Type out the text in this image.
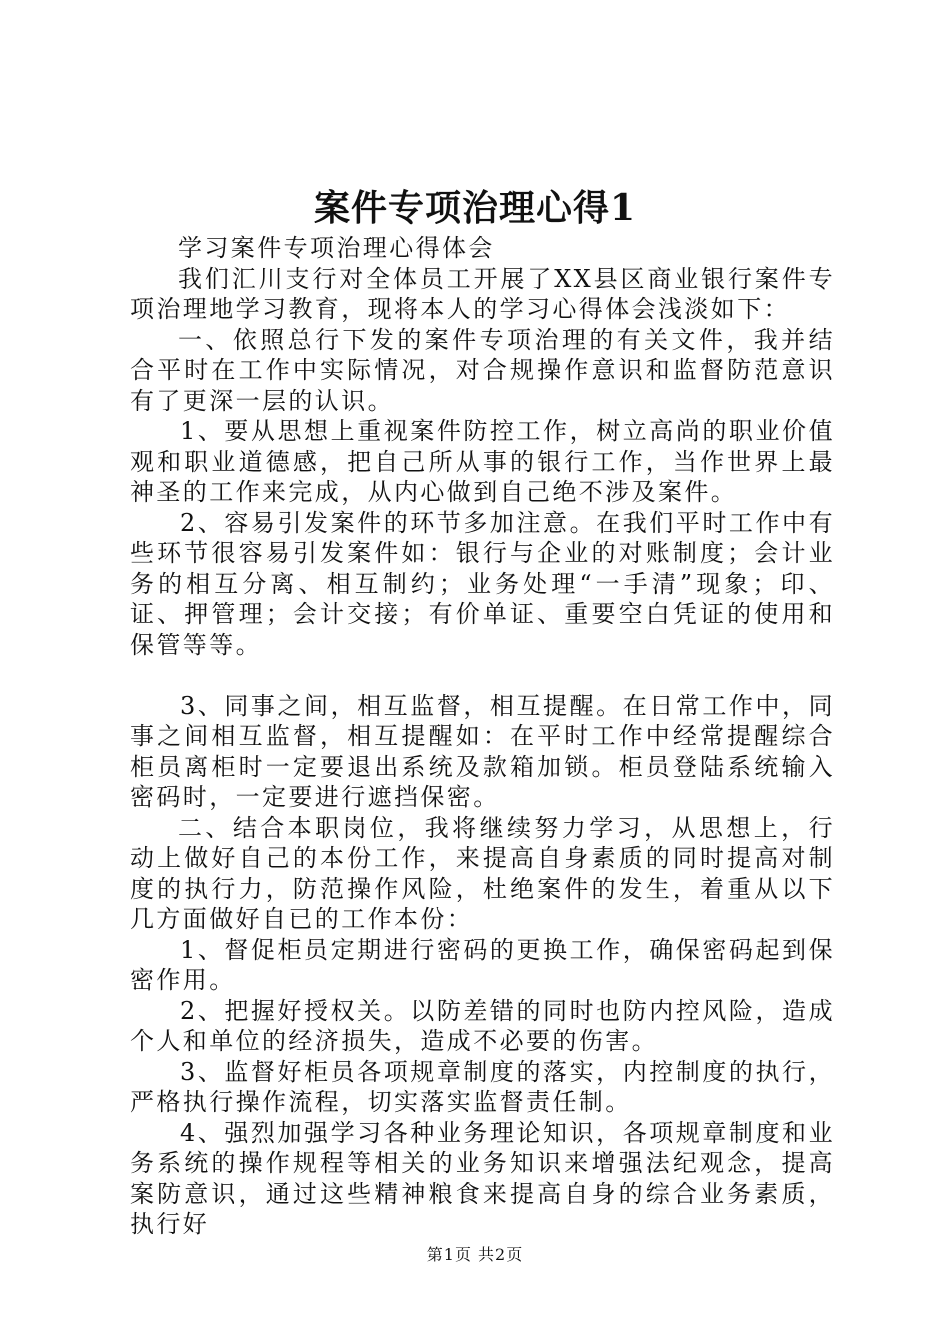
案件专项治理心得1

学习案件专项治理心得体会

我们汇川支行对全体员工开展了XX县区商业银行案件专项治理地学习教育，现将本人的学习心得体会浅淡如下：

一、依照总行下发的案件专项治理的有关文件，我并结合平时在工作中实际情况，对合规操作意识和监督防范意识有了更深一层的认识。

1、要从思想上重视案件防控工作，树立高尚的职业价值观和职业道德感，把自己所从事的银行工作，当作世界上最神圣的工作来完成，从内心做到自己绝不涉及案件。

2、容易引发案件的环节多加注意。在我们平时工作中有些环节很容易引发案件如：银行与企业的对账制度；会计业务的相互分离、相互制约；业务处理“一手清”现象；印、证、押管理；会计交接；有价单证、重要空白凭证的使用和保管等等。

3、同事之间，相互监督，相互提醒。在日常工作中，同事之间相互监督，相互提醒如：在平时工作中经常提醒综合柜员离柜时一定要退出系统及款箱加锁。柜员登陆系统输入密码时，一定要进行遮挡保密。

二、结合本职岗位，我将继续努力学习，从思想上，行动上做好自己的本份工作，来提高自身素质的同时提高对制度的执行力，防范操作风险，杜绝案件的发生，着重从以下几方面做好自已的工作本份：

1、督促柜员定期进行密码的更换工作，确保密码起到保密作用。

2、把握好授权关。以防差错的同时也防内控风险，造成个人和单位的经济损失，造成不必要的伤害。

3、监督好柜员各项规章制度的落实，内控制度的执行，严格执行操作流程，切实落实监督责任制。

4、强烈加强学习各种业务理论知识，各项规章制度和业务系统的操作规程等相关的业务知识来增强法纪观念，提高案防意识，通过这些精神粮食来提高自身的综合业务素质，执行好

第1页 共2页
